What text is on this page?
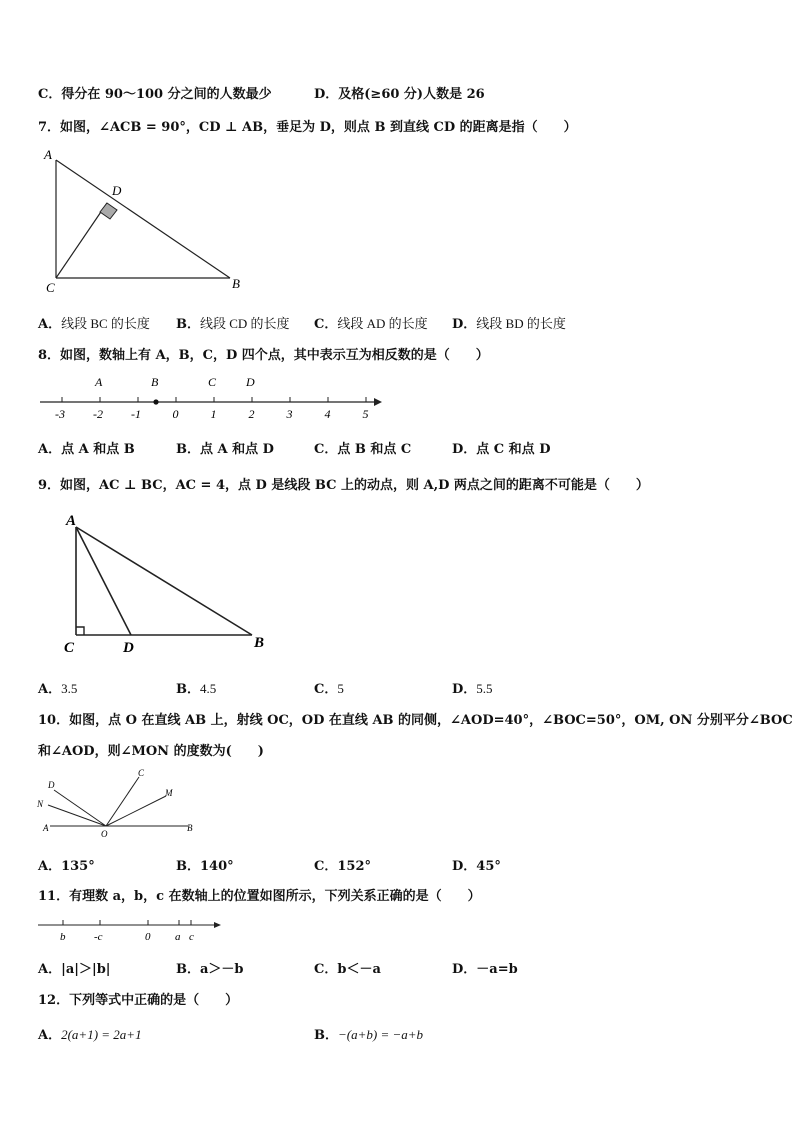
C．得分在 90～100 分之间的人数最少	D．及格(≥60 分)人数是 26
7．如图，∠ACB = 90°，CD ⊥ AB，垂足为 D，则点 B 到直线 CD 的距离是指（　　）
A
D
C	B
A．线段 BC 的长度 B．线段 CD 的长度 C．线段 AD 的长度 D．线段 BD 的长度
8．如图，数轴上有 A，B，C，D 四个点，其中表示互为相反数的是（　　）
A	B	C D
-3 -2 -1	0	1	2	3	4	5
A．点 A 和点 B	B．点 A 和点 D	C．点 B 和点 C	D．点 C 和点 D
9．如图，AC ⊥ BC，AC = 4，点 D 是线段 BC 上的动点，则 A,D 两点之间的距离不可能是（　　）
A
C	D	B
A．3.5	B．4.5	C．5	D．5.5
10．如图，点 O 在直线 AB 上，射线 OC，OD 在直线 AB 的同侧，∠AOD=40°，∠BOC=50°，OM, ON 分别平分∠BOC
和∠AOD，则∠MON 的度数为(　　)
D
N
C
M
A
O
B
A．135°	B．140°	C．152°	D．45°
11．有理数 a，b，c 在数轴上的位置如图所示，下列关系正确的是（　　）
b	-c	0 a c
A．|a|＞|b|	B．a＞－b	C．b＜－a	D．－a=b
12．下列等式中正确的是（　　）
A．2(a+1) = 2a+1	B．−(a+b) = −a+b
